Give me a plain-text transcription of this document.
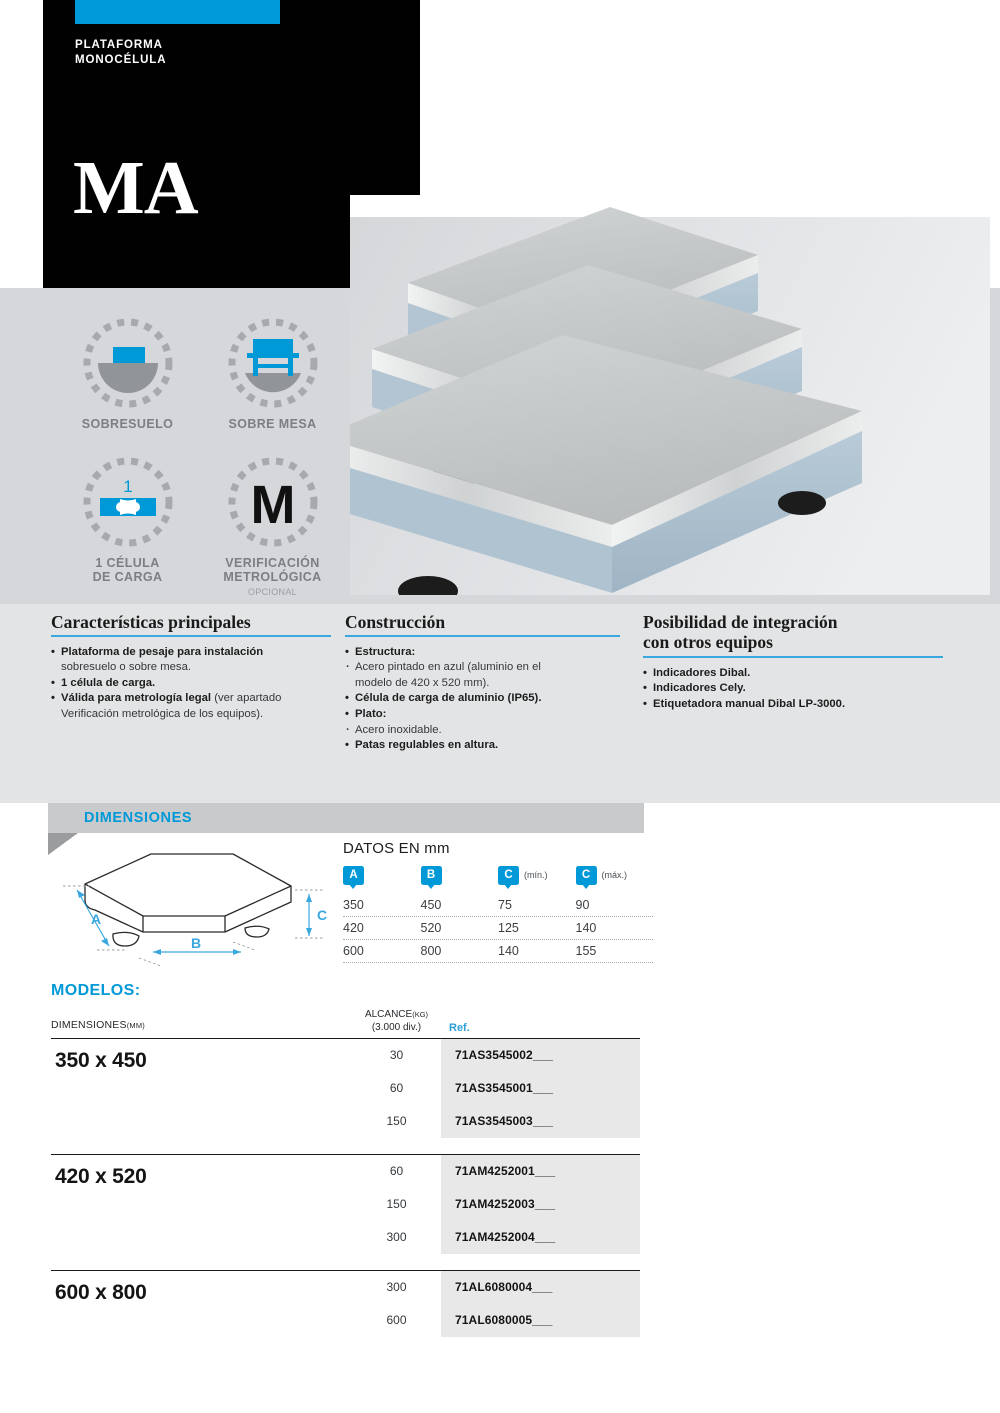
PLATAFORMA
MONOCÉLULA
MA
SOBRESUELO	SOBRE MESA
1
1 CÉLULA
DE CARGA
M
VERIFICACIÓN
METROLÓGICA
OPCIONAL
Características principales
• Plataforma de pesaje para instalación
sobresuelo o sobre mesa.
• 1 célula de carga.
• Válida para metrología legal (ver apartado
Verificación metrológica de los equipos).
Construcción
• Estructura:
· Acero pintado en azul (aluminio en el
modelo de 420 x 520 mm).
• Célula de carga de aluminio (IP65).
• Plato:
· Acero inoxidable.
• Patas regulables en altura.
Posibilidad de integración
con otros equipos
• Indicadores Dibal.
• Indicadores Cely.
• Etiquetadora manual Dibal LP-3000.
DIMENSIONES
A
B
C
DATOS EN mm
A	B	C	(mín.)	C	(máx.)
350	450	75	90
420	520	125	140
600	800	140	155
MODELOS:
DIMENSIONES(MM)
ALCANCE(KG)
(3.000 div.)	Ref.
350 x 450	30	71AS3545002___
60	71AS3545001___
150	71AS3545003___
420 x 520	60	71AM4252001___
150	71AM4252003___
300	71AM4252004___
600 x 800	300	71AL6080004___
600	71AL6080005___
